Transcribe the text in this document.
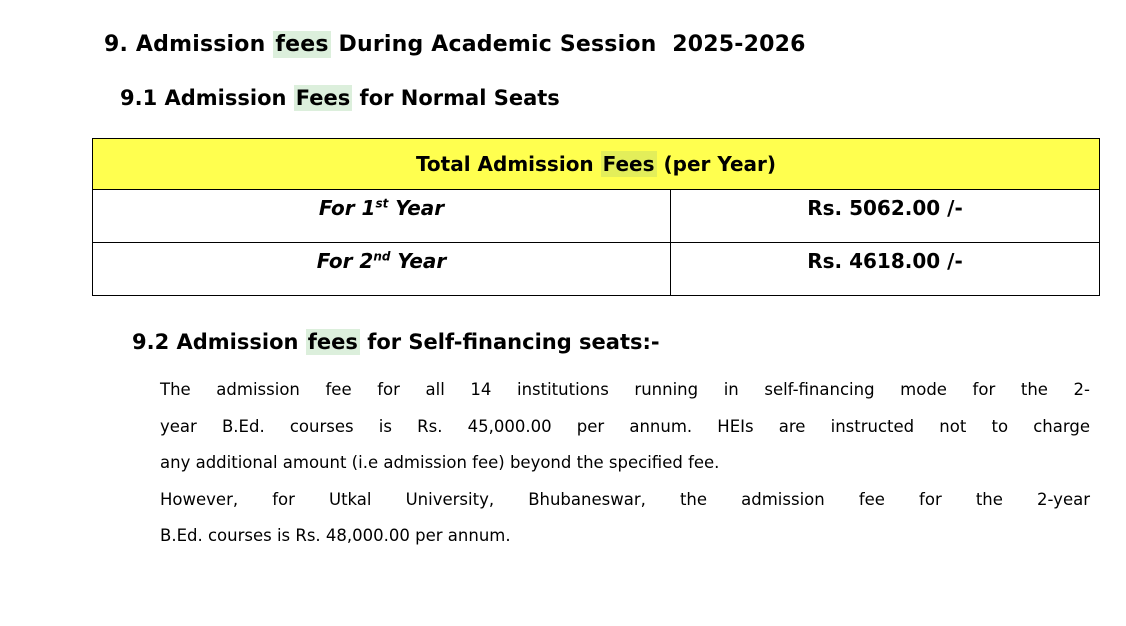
9. Admission fees During Academic Session  2025-2026
9.1 Admission Fees for Normal Seats
Total Admission Fees (per Year)	
For 1st Year	Rs. 5062.00 /-
For 2nd Year	Rs. 4618.00 /-
9.2 Admission fees for Self-financing seats:-

The admission fee for all 14 institutions running in self-financing mode for the 2-

year B.Ed. courses is Rs. 45,000.00 per annum. HEIs are instructed not to charge

any additional amount (i.e admission fee) beyond the specified fee.

However, for Utkal University, Bhubaneswar, the admission fee for the 2-year

B.Ed. courses is Rs. 48,000.00 per annum.
